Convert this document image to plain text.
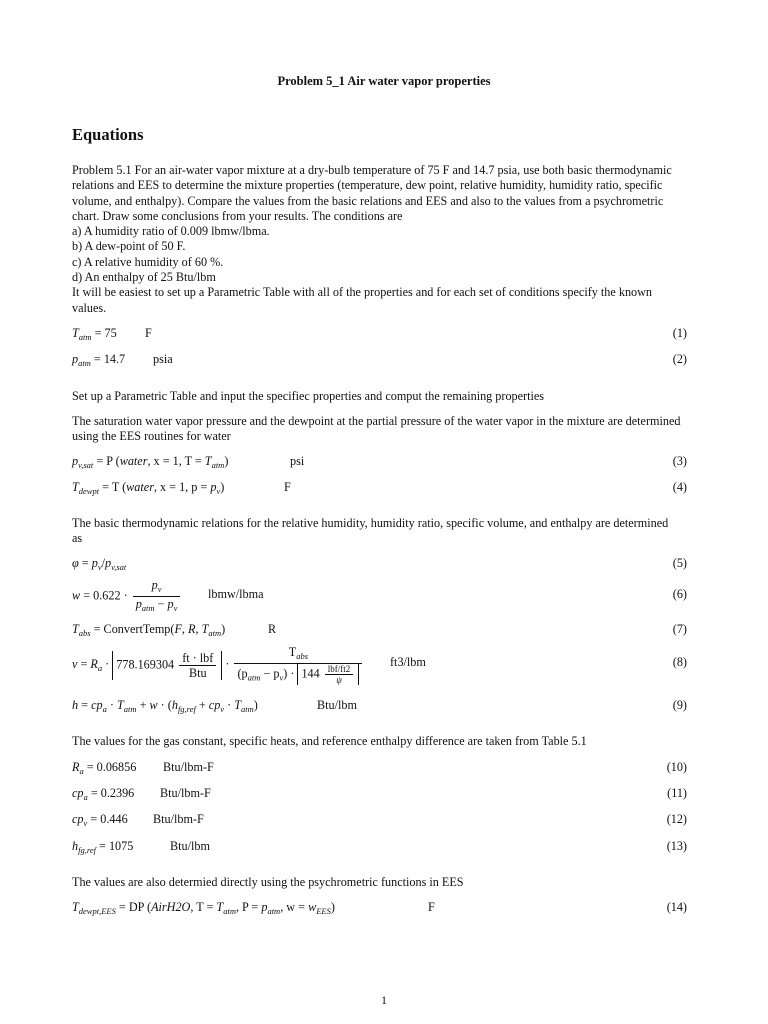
Problem 5_1 Air water vapor properties
Equations
Problem 5.1 For an air-water vapor mixture at a dry-bulb temperature of 75 F and 14.7 psia, use both basic thermodynamic
relations and EES to determine the mixture properties (temperature, dew point, relative humidity, humidity ratio, specific
volume, and enthalpy). Compare the values from the basic relations and EES and also to the values from a psychrometric
chart. Draw some conclusions from your results. The conditions are
a) A humidity ratio of 0.009 lbmw/lbma.
b) A dew-point of 50 F.
c) A relative humidity of 60 %.
d) An enthalpy of 25 Btu/lbm
It will be easiest to set up a Parametric Table with all of the properties and for each set of conditions specify the known
values.
$T_{atm} = 75$ F	(1)
$p_{atm} = 14.7$ psia	(2)
Set up a Parametric Table and input the specifiec properties and comput the remaining properties
The saturation water vapor pressure and the dewpoint at the partial pressure of the water vapor in the mixture are determined
using the EES routines for water
$p_{v,sat} = P$ (water, x = 1, $T = T_{atm}$)	psi	(3)
$T_{dewpt} = T$ (water, x = 1, $p = p_v$)	F	(4)
The basic thermodynamic relations for the relative humidity, humidity ratio, specific volume, and enthalpy are determined
as
$\varphi = p_v/p_{v,sat}$	(5)
$w = 0.622 \cdot \frac{p_v}{p_{atm} - p_v}$ lbmw/lbma	(6)
$T_{abs}$ = ConvertTemp(F, R, $T_{atm}$)	R	(7)
$v = R_a \cdot 778.169304 \frac{\text{ft · lbf}}{\text{Btu}} \cdot \frac{T_{abs}}{(p_{atm} - p_v) \cdot 144 \frac{\text{lbf/ft2}}{\psi}} ft3/lbm$	(8)
$h = cp_a \cdot T_{atm} + w \cdot (h_{fg,ref} + cp_v \cdot T_{atm})$	Btu/lbm	(9)
The values for the gas constant, specific heats, and reference enthalpy difference are taken from Table 5.1
$R_a = 0.06856$ Btu/lbm-F	(10)
$cp_a = 0.2396$ Btu/lbm-F	(11)
$cp_v = 0.446$ Btu/lbm-F	(12)
$h_{fg,ref} = 1075$	Btu/lbm	(13)
The values are also determied directly using the psychrometric functions in EES
$T_{dewpt,EES}$ = DP (AirH2O, $T = T_{atm}$, $P = p_{atm}$, $w = w_{EES}$)	F	(14)
1
